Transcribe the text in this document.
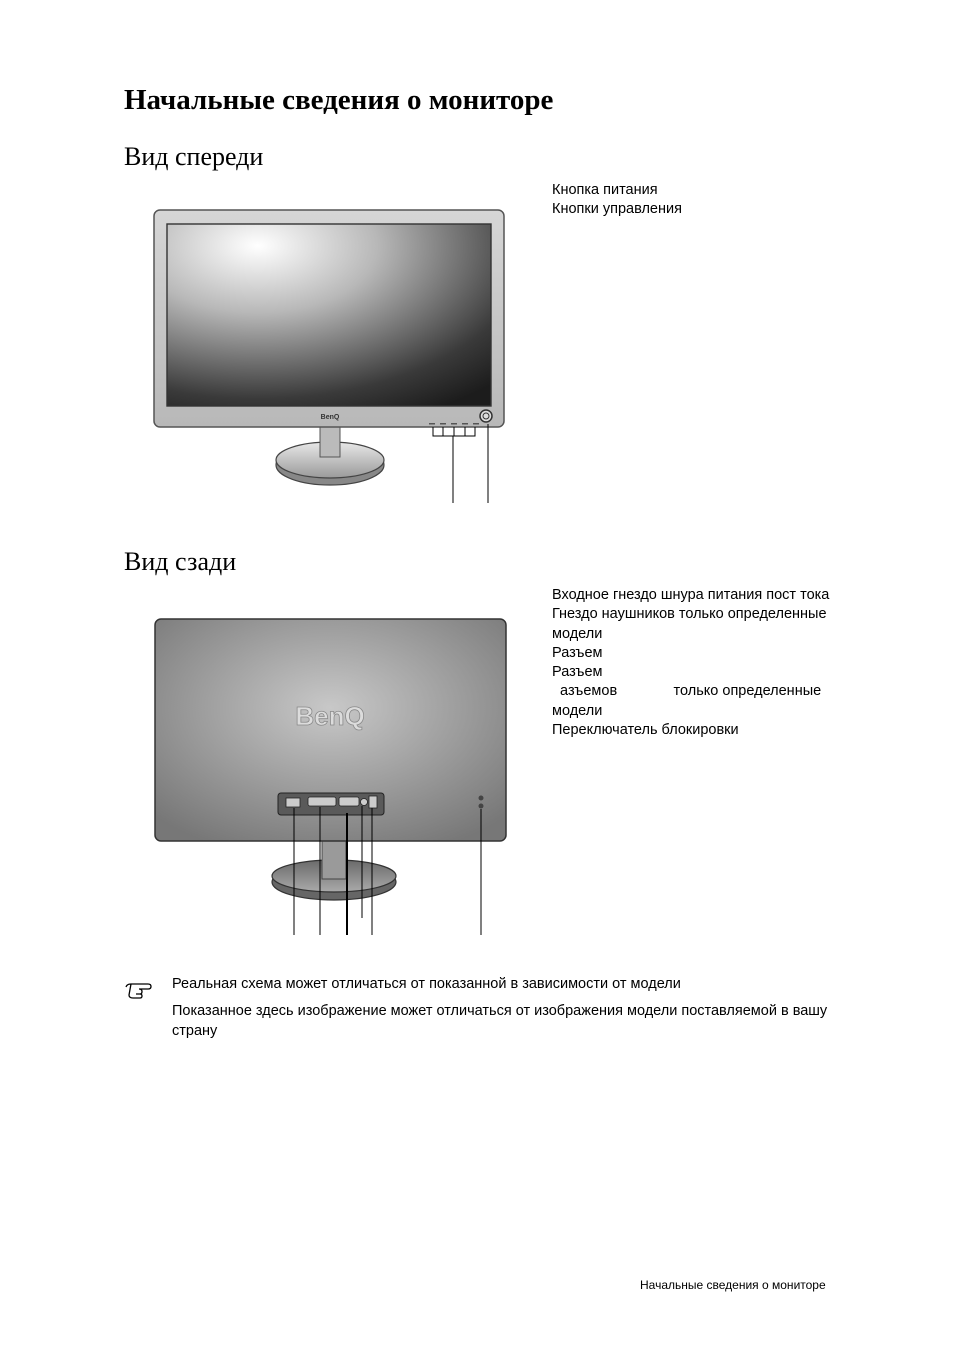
Начальные сведения о мониторе
Вид спереди
BenQ
Кнопка питания
Кнопки управления
Вид сзади
BenQ
Входное гнездо шнура питания пост тока
Гнездо наушников только определенные
модели
Разъем
Разъем
азъемов              только определенные
модели
Переключатель блокировки
Реальная схема может отличаться от показанной в зависимости от модели
Показанное здесь изображение может отличаться от изображения модели поставляемой в вашу страну
Начальные сведения о мониторе
